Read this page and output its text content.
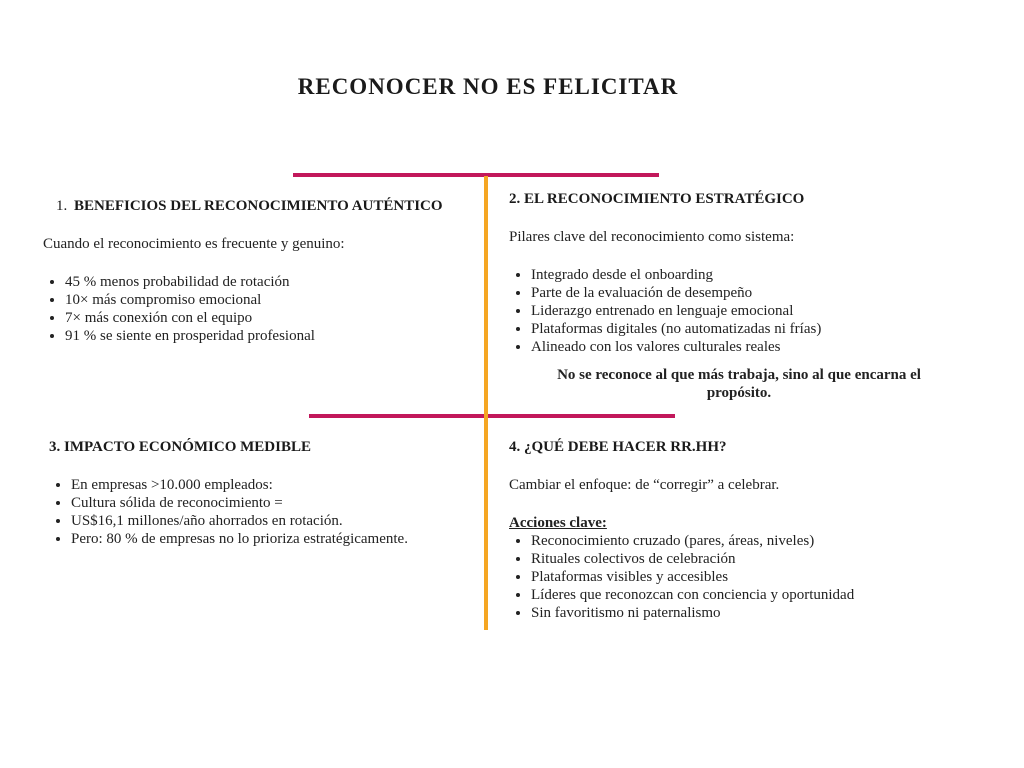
RECONOCER NO ES FELICITAR
1. BENEFICIOS DEL RECONOCIMIENTO AUTÉNTICO

Cuando el reconocimiento es frecuente y genuino:

• 45 % menos probabilidad de rotación
• 10× más compromiso emocional
• 7× más conexión con el equipo
• 91 % se siente en prosperidad profesional
2. EL RECONOCIMIENTO ESTRATÉGICO

Pilares clave del reconocimiento como sistema:

• Integrado desde el onboarding
• Parte de la evaluación de desempeño
• Liderazgo entrenado en lenguaje emocional
• Plataformas digitales (no automatizadas ni frías)
• Alineado con los valores culturales reales

No se reconoce al que más trabaja, sino al que encarna el propósito.

3. IMPACTO ECONÓMICO MEDIBLE
• En empresas >10.000 empleados:
• Cultura sólida de reconocimiento =
• US$16,1 millones/año ahorrados en rotación.
• Pero: 80 % de empresas no lo prioriza estratégicamente.
4. ¿QUÉ DEBE HACER RR.HH?

Cambiar el enfoque: de “corregir” a celebrar.

Acciones clave:

• Reconocimiento cruzado (pares, áreas, niveles)
• Rituales colectivos de celebración
• Plataformas visibles y accesibles
• Líderes que reconozcan con conciencia y oportunidad
• Sin favoritismo ni paternalismo
